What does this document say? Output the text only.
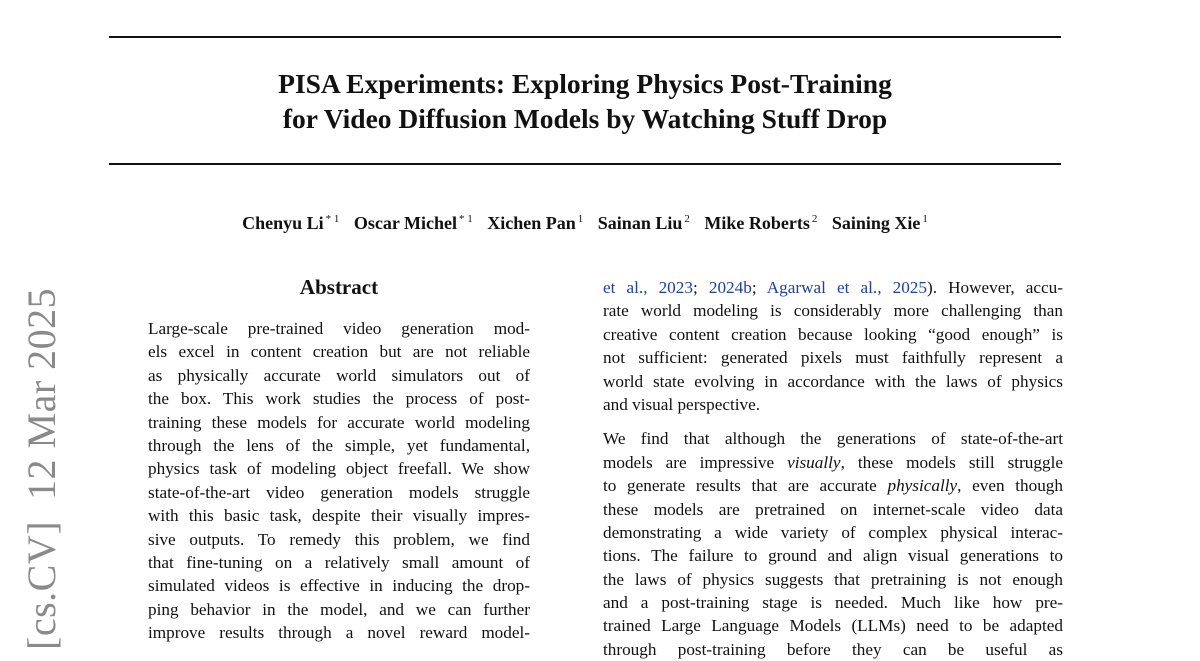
PISA Experiments: Exploring Physics Post-Training
for Video Diffusion Models by Watching Stuff Drop
Chenyu Li $^{* 1}$ Oscar Michel $^{* 1}$ Xichen Pan $^1$ Sainan Liu $^2$ Mike Roberts $^2$ Saining Xie $^1$
[cs.CV]  12 Mar 2025
Abstract
Large-scale pre-trained video generation mod-
els excel in content creation but are not reliable
as physically accurate world simulators out of
the box. This work studies the process of post-
training these models for accurate world modeling
through the lens of the simple, yet fundamental,
physics task of modeling object freefall. We show
state-of-the-art video generation models struggle
with this basic task, despite their visually impres-
sive outputs. To remedy this problem, we find
that fine-tuning on a relatively small amount of
simulated videos is effective in inducing the drop-
ping behavior in the model, and we can further
improve results through a novel reward model-
et al., 2023; 2024b; Agarwal et al., 2025). However, accu-
rate world modeling is considerably more challenging than
creative content creation because looking “good enough” is
not sufficient: generated pixels must faithfully represent a
world state evolving in accordance with the laws of physics
and visual perspective.
We find that although the generations of state-of-the-art
models are impressive visually, these models still struggle
to generate results that are accurate physically, even though
these models are pretrained on internet-scale video data
demonstrating a wide variety of complex physical interac-
tions. The failure to ground and align visual generations to
the laws of physics suggests that pretraining is not enough
and a post-training stage is needed. Much like how pre-
trained Large Language Models (LLMs) need to be adapted
through post-training before they can be useful as
